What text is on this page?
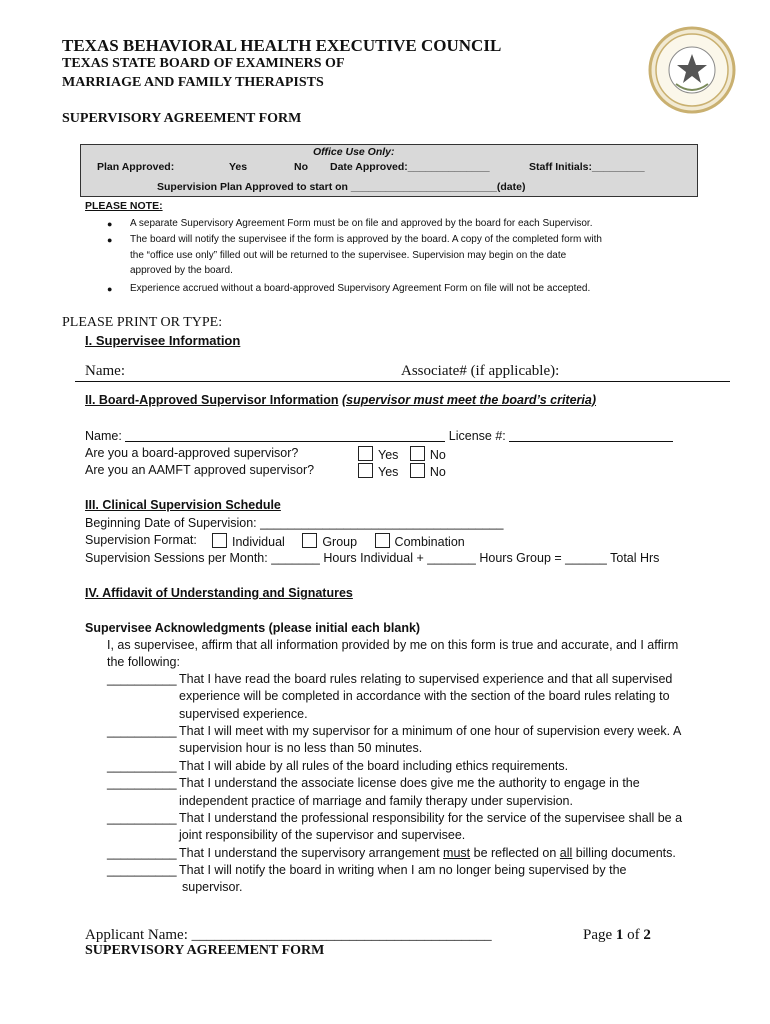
TEXAS BEHAVIORAL HEALTH EXECUTIVE COUNCIL
TEXAS STATE BOARD OF EXAMINERS OF
MARRIAGE AND FAMILY THERAPISTS
SUPERVISORY AGREEMENT FORM
Office Use Only:
Plan Approved:	Yes	No Date Approved:______________	Staff Initials:_________
Supervision Plan Approved to start on _________________________(date)
PLEASE NOTE:
● A separate Supervisory Agreement Form must be on file and approved by the board for each Supervisor.
● The board will notify the supervisee if the form is approved by the board. A copy of the completed form with
the “office use only” filled out will be returned to the supervisee. Supervision may begin on the date
approved by the board.
● Experience accrued without a board-approved Supervisory Agreement Form on file will not be accepted.
PLEASE PRINT OR TYPE:
I. Supervisee Information
Name:	Associate# (if applicable):
II. Board-Approved Supervisor Information (supervisor must meet the board’s criteria)
Name:	License #:
Are you a board-approved supervisor?	Yes	No
Are you an AAMFT approved supervisor?	Yes	No
III. Clinical Supervision Schedule
Beginning Date of Supervision: ___________________________________
Supervision Format:	Individual	Group	Combination
Supervision Sessions per Month: _______ Hours Individual + _______ Hours Group = ______ Total Hrs
IV. Affidavit of Understanding and Signatures
Supervisee Acknowledgments (please initial each blank)
I, as supervisee, affirm that all information provided by me on this form is true and accurate, and I affirm
the following:
__________ That I have read the board rules relating to supervised experience and that all supervised
experience will be completed in accordance with the section of the board rules relating to
supervised experience.
__________ That I will meet with my supervisor for a minimum of one hour of supervision every week. A
supervision hour is no less than 50 minutes.
__________ That I will abide by all rules of the board including ethics requirements.
__________ That I understand the associate license does give me the authority to engage in the
independent practice of marriage and family therapy under supervision.
__________ That I understand the professional responsibility for the service of the supervisee shall be a
joint responsibility of the supervisor and supervisee.
__________ That I understand the supervisory arrangement must be reflected on all billing documents.
__________ That I will notify the board in writing when I am no longer being supervised by the
supervisor.
Applicant Name: ________________________________________	Page 1 of 2
SUPERVISORY AGREEMENT FORM
